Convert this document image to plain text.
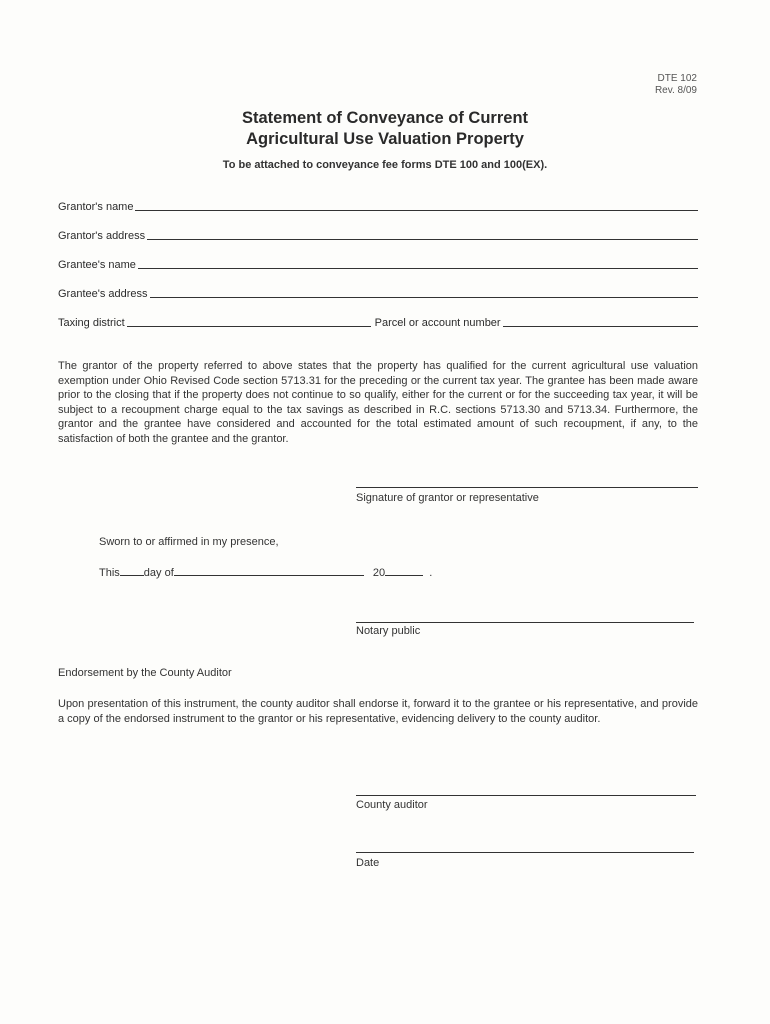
DTE 102
Rev. 8/09
Statement of Conveyance of Current
Agricultural Use Valuation Property
To be attached to conveyance fee forms DTE 100 and 100(EX).
Grantor's name
Grantor's address
Grantee's name
Grantee's address
Taxing district	Parcel or account number
The grantor of the property referred to above states that the property has qualified for the current agricultural use valuation exemption under Ohio Revised Code section 5713.31 for the preceding or the current tax year. The grantee has been made aware prior to the closing that if the property does not continue to so qualify, either for the current or for the succeeding tax year, it will be subject to a recoupment charge equal to the tax savings as described in R.C. sections 5713.30 and 5713.34. Furthermore, the grantor and the grantee have considered and accounted for the total estimated amount of such recoupment, if any, to the satisfaction of both the grantee and the grantor.
Signature of grantor or representative
Sworn to or affirmed in my presence,
This day of	20	.
Notary public
Endorsement by the County Auditor
Upon presentation of this instrument, the county auditor shall endorse it, forward it to the grantee or his representative, and provide a copy of the endorsed instrument to the grantor or his representative, evidencing delivery to the county auditor.
County auditor
Date
